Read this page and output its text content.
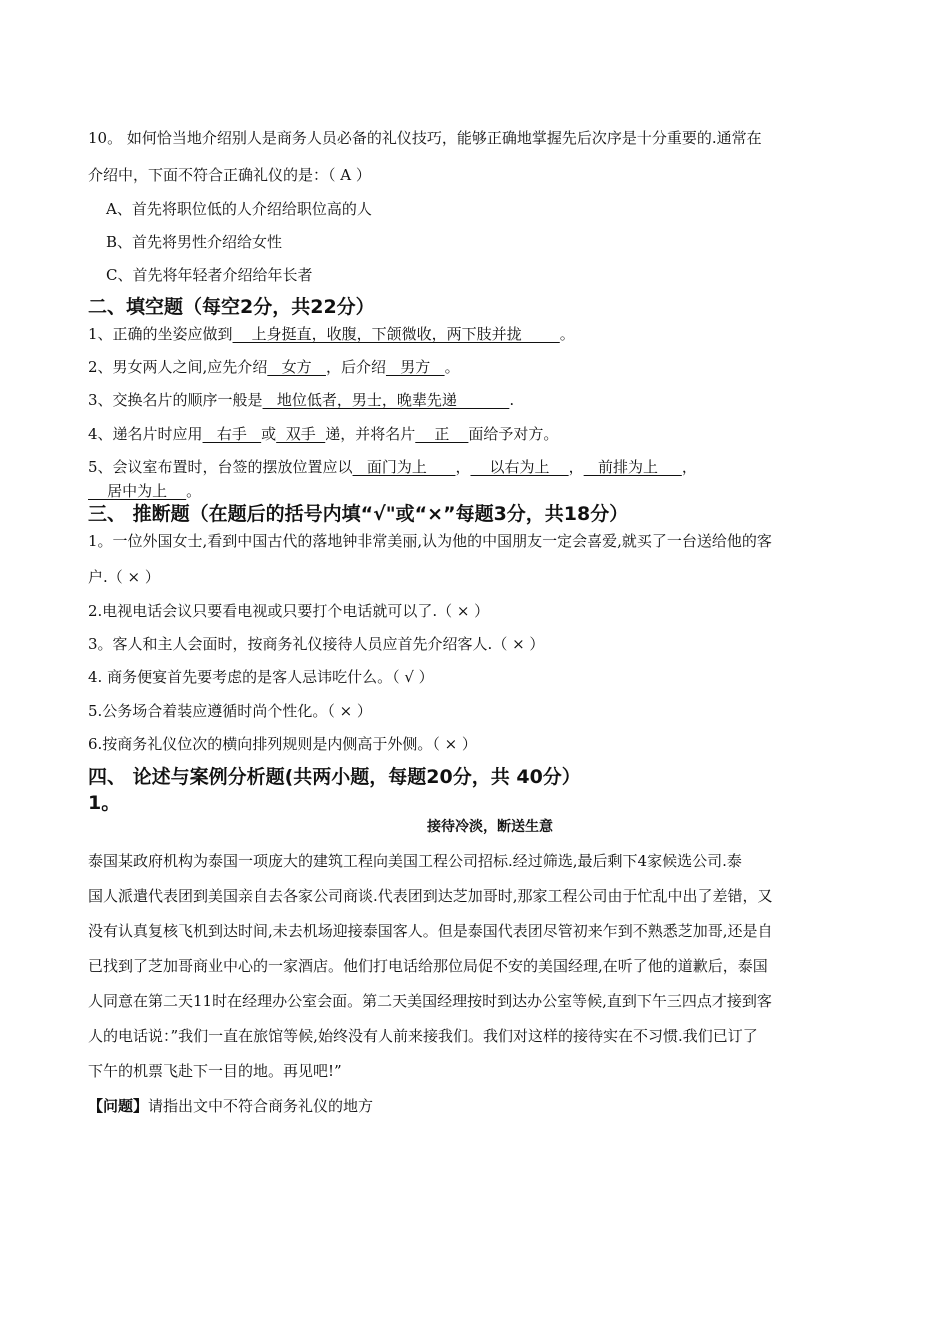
10。 如何恰当地介绍别人是商务人员必备的礼仪技巧，能够正确地掌握先后次序是十分重要的.通常在
介绍中，下面不符合正确礼仪的是：（ A ）
A、首先将职位低的人介绍给职位高的人
B、首先将男性介绍给女性
C、首先将年轻者介绍给年长者
二、填空题（每空2分，共22分）
1、正确的坐姿应做到    上身挺直，收腹，下颌微收，两下肢并拢        。
2、男女两人之间,应先介绍   女方   ，后介绍   男方   。
3、交换名片的顺序一般是   地位低者，男士，晚辈先递           .
4、递名片时应用   右手   或  双手  递，并将名片    正    面给予对方。
5、会议室布置时，台签的摆放位置应以   面门为上      ，    以右为上    ，   前排为上     ，
居中为上    。
三、 推断题（在题后的括号内填“√"或“×”每题3分，共18分）
1。一位外国女士,看到中国古代的落地钟非常美丽,认为他的中国朋友一定会喜爱,就买了一台送给他的客
户.（ × ）
2.电视电话会议只要看电视或只要打个电话就可以了.（ × ）
3。客人和主人会面时，按商务礼仪接待人员应首先介绍客人.（ × ）
4. 商务便宴首先要考虑的是客人忌讳吃什么。（ √ ）
5.公务场合着装应遵循时尚个性化。（ × ）
6.按商务礼仪位次的横向排列规则是内侧高于外侧。（ × ）
四、 论述与案例分析题(共两小题，每题20分，共 40分）
1。
接待冷淡，断送生意
泰国某政府机构为泰国一项庞大的建筑工程向美国工程公司招标.经过筛选,最后剩下4家候选公司.泰
国人派遣代表团到美国亲自去各家公司商谈.代表团到达芝加哥时,那家工程公司由于忙乱中出了差错，又
没有认真复核飞机到达时间,未去机场迎接泰国客人。但是泰国代表团尽管初来乍到不熟悉芝加哥,还是自
已找到了芝加哥商业中心的一家酒店。他们打电话给那位局促不安的美国经理,在听了他的道歉后，泰国
人同意在第二天11时在经理办公室会面。第二天美国经理按时到达办公室等候,直到下午三四点才接到客
人的电话说：”我们一直在旅馆等候,始终没有人前来接我们。我们对这样的接待实在不习惯.我们已订了
下午的机票飞赴下一目的地。再见吧!”
【问题】请指出文中不符合商务礼仪的地方
